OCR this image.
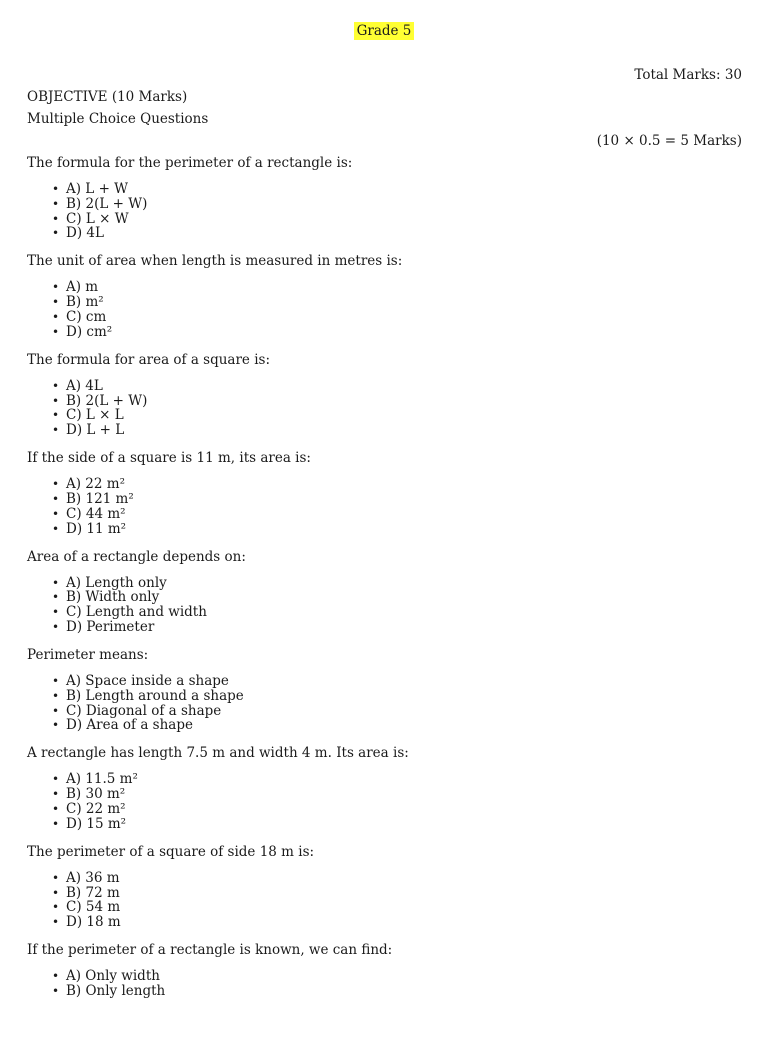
Grade 5
Total Marks: 30
OBJECTIVE (10 Marks)
Multiple Choice Questions
(10 × 0.5 = 5 Marks)

The formula for the perimeter of a rectangle is:

• A) L + W
• B) 2(L + W)
• C) L × W
• D) 4L

The unit of area when length is measured in metres is:

• A) m
• B) m²
• C) cm
• D) cm²

The formula for area of a square is:

• A) 4L
• B) 2(L + W)
• C) L × L
• D) L + L

If the side of a square is 11 m, its area is:

• A) 22 m²
• B) 121 m²
• C) 44 m²
• D) 11 m²

Area of a rectangle depends on:

• A) Length only
• B) Width only
• C) Length and width
• D) Perimeter

Perimeter means:

• A) Space inside a shape
• B) Length around a shape
• C) Diagonal of a shape
• D) Area of a shape

A rectangle has length 7.5 m and width 4 m. Its area is:

• A) 11.5 m²
• B) 30 m²
• C) 22 m²
• D) 15 m²

The perimeter of a square of side 18 m is:

• A) 36 m
• B) 72 m
• C) 54 m
• D) 18 m

If the perimeter of a rectangle is known, we can find:

• A) Only width
• B) Only length
